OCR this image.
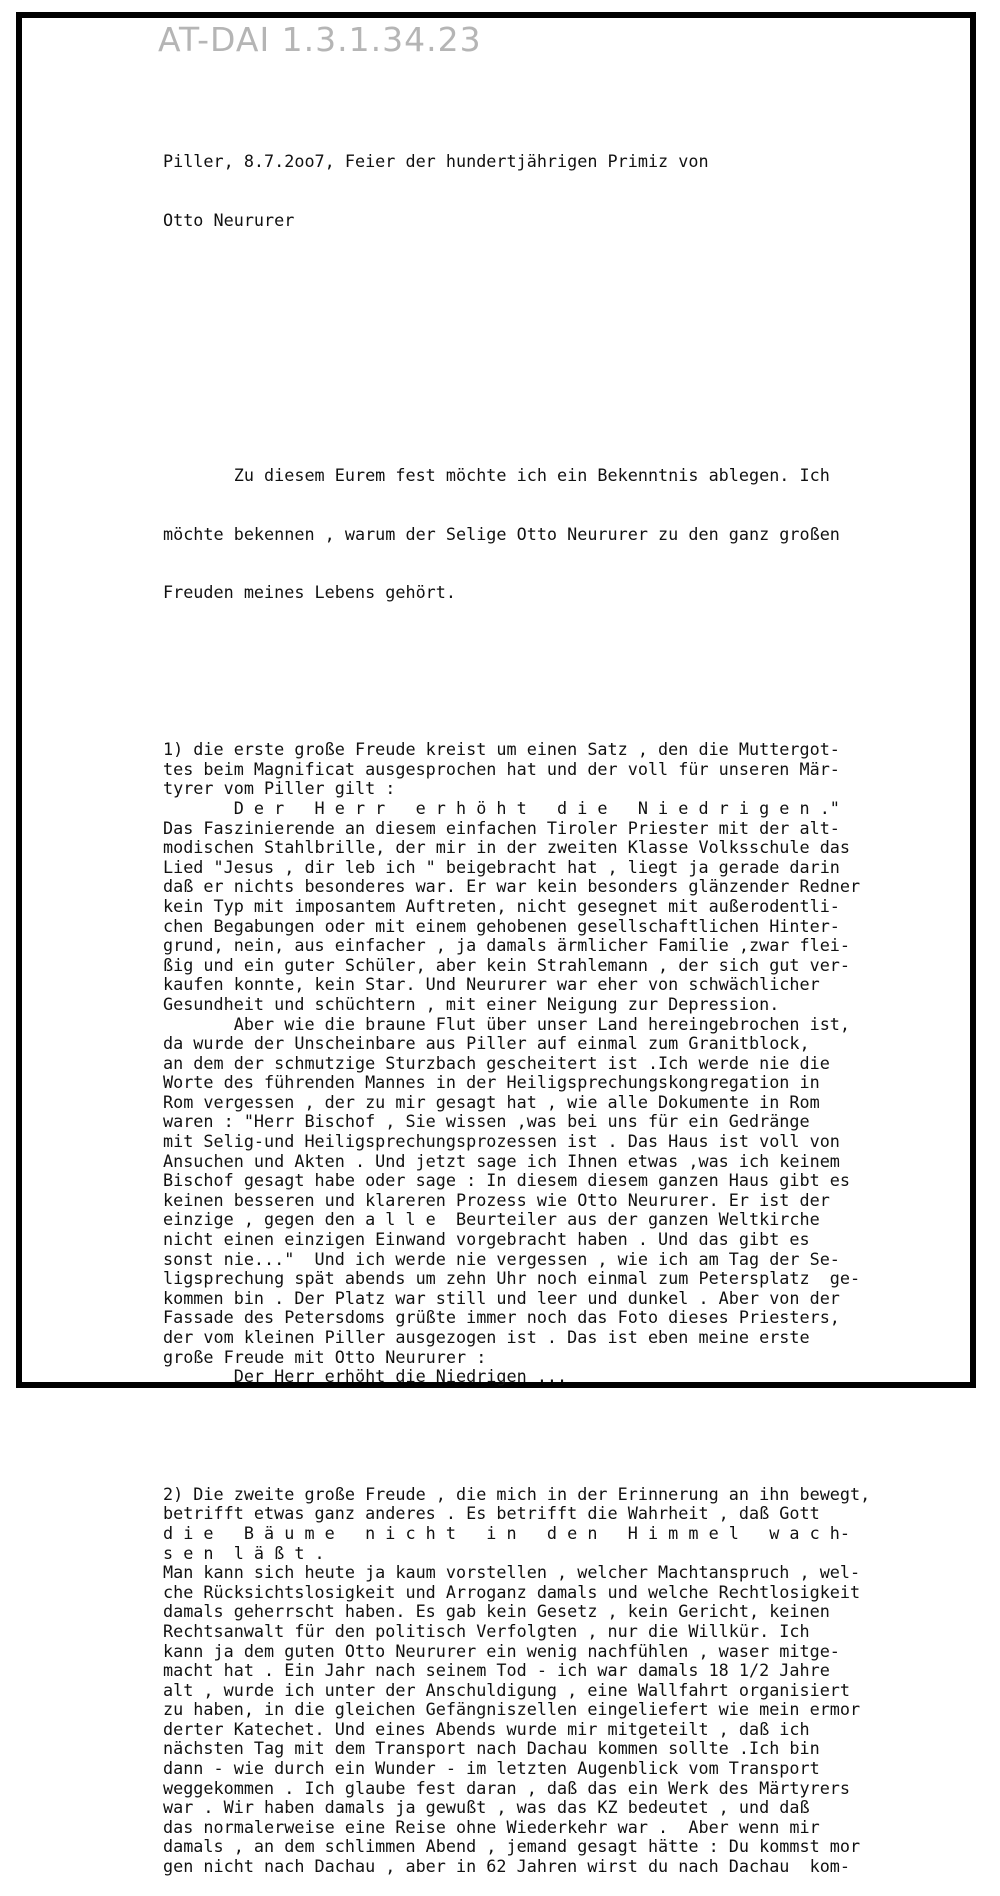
AT-DAI 1.3.1.34.23

Piller, 8.7.2oo7, Feier der hundertjährigen Primiz von

Otto Neururer

Zu diesem Eurem fest möchte ich ein Bekenntnis ablegen. Ich

möchte bekennen , warum der Selige Otto Neururer zu den ganz großen

Freuden meines Lebens gehört.

1) die erste große Freude kreist um einen Satz , den die Muttergot-
tes beim Magnificat ausgesprochen hat und der voll für unseren Mär-
tyrer vom Piller gilt :
D e r   H e r r   e r h ö h t   d i e   N i e d r i g e n ."
Das Faszinierende an diesem einfachen Tiroler Priester mit der alt-
modischen Stahlbrille, der mir in der zweiten Klasse Volksschule das
Lied "Jesus , dir leb ich " beigebracht hat , liegt ja gerade darin
daß er nichts besonderes war. Er war kein besonders glänzender Redner
kein Typ mit imposantem Auftreten, nicht gesegnet mit außerodentli-
chen Begabungen oder mit einem gehobenen gesellschaftlichen Hinter-
grund, nein, aus einfacher , ja damals ärmlicher Familie ,zwar flei-
ßig und ein guter Schüler, aber kein Strahlemann , der sich gut ver-
kaufen konnte, kein Star. Und Neururer war eher von schwächlicher
Gesundheit und schüchtern , mit einer Neigung zur Depression.
Aber wie die braune Flut über unser Land hereingebrochen ist,
da wurde der Unscheinbare aus Piller auf einmal zum Granitblock,
an dem der schmutzige Sturzbach gescheitert ist .Ich werde nie die
Worte des führenden Mannes in der Heiligsprechungskongregation in
Rom vergessen , der zu mir gesagt hat , wie alle Dokumente in Rom
waren : "Herr Bischof , Sie wissen ,was bei uns für ein Gedränge
mit Selig-und Heiligsprechungsprozessen ist . Das Haus ist voll von
Ansuchen und Akten . Und jetzt sage ich Ihnen etwas ,was ich keinem
Bischof gesagt habe oder sage : In diesem diesem ganzen Haus gibt es
keinen besseren und klareren Prozess wie Otto Neururer. Er ist der
einzige , gegen den a l l e  Beurteiler aus der ganzen Weltkirche
nicht einen einzigen Einwand vorgebracht haben . Und das gibt es
sonst nie..."  Und ich werde nie vergessen , wie ich am Tag der Se-
ligsprechung spät abends um zehn Uhr noch einmal zum Petersplatz  ge-
kommen bin . Der Platz war still und leer und dunkel . Aber von der
Fassade des Petersdoms grüßte immer noch das Foto dieses Priesters,
der vom kleinen Piller ausgezogen ist . Das ist eben meine erste
große Freude mit Otto Neururer :
Der Herr erhöht die Niedrigen ...

2) Die zweite große Freude , die mich in der Erinnerung an ihn bewegt,
betrifft etwas ganz anderes . Es betrifft die Wahrheit , daß Gott
d i e   B ä u m e   n i c h t   i n   d e n   H i m m e l   w a c h-
s e n  l ä ß t .
Man kann sich heute ja kaum vorstellen , welcher Machtanspruch , wel-
che Rücksichtslosigkeit und Arroganz damals und welche Rechtlosigkeit
damals geherrscht haben. Es gab kein Gesetz , kein Gericht, keinen
Rechtsanwalt für den politisch Verfolgten , nur die Willkür. Ich
kann ja dem guten Otto Neururer ein wenig nachfühlen , waser mitge-
macht hat . Ein Jahr nach seinem Tod - ich war damals 18 1/2 Jahre
alt , wurde ich unter der Anschuldigung , eine Wallfahrt organisiert
zu haben, in die gleichen Gefängniszellen eingeliefert wie mein ermor
derter Katechet. Und eines Abends wurde mir mitgeteilt , daß ich
nächsten Tag mit dem Transport nach Dachau kommen sollte .Ich bin
dann - wie durch ein Wunder - im letzten Augenblick vom Transport
weggekommen . Ich glaube fest daran , daß das ein Werk des Märtyrers
war . Wir haben damals ja gewußt , was das KZ bedeutet , und daß
das normalerweise eine Reise ohne Wiederkehr war .  Aber wenn mir
damals , an dem schlimmen Abend , jemand gesagt hätte : Du kommst mor
gen nicht nach Dachau , aber in 62 Jahren wirst du nach Dachau  kom-
